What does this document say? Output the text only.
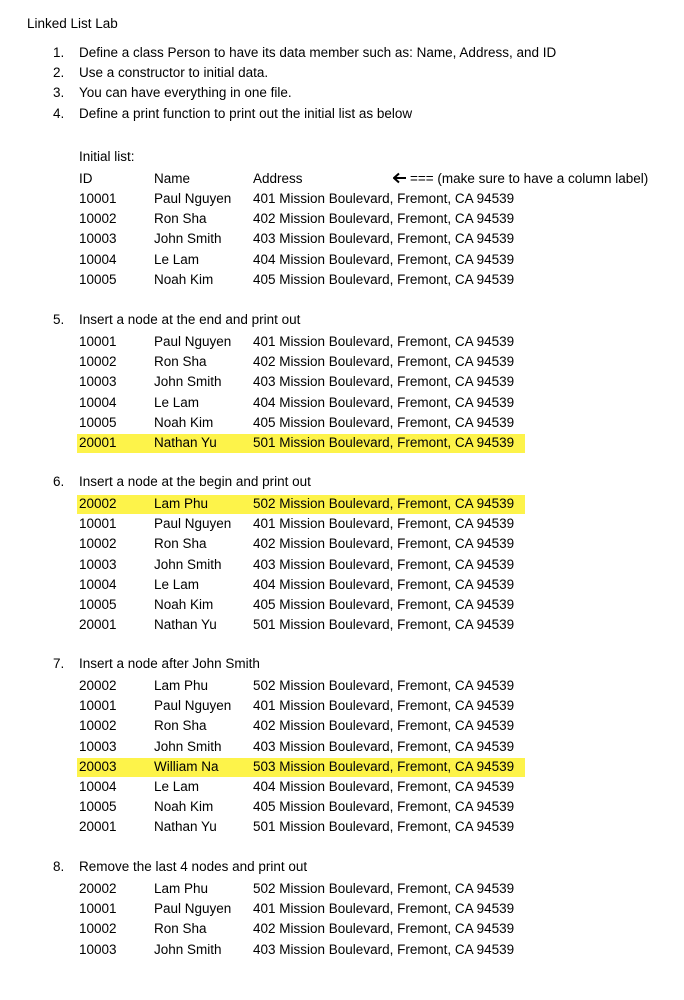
Linked List Lab
1. Define a class Person to have its data member such as: Name, Address, and ID
2. Use a constructor to initial data.
3. You can have everything in one file.
4. Define a print function to print out the initial list as below
Initial list:
ID	Name	Address	=== (make sure to have a column label)
10001	Paul Nguyen 401 Mission Boulevard, Fremont, CA 94539
10002	Ron Sha	402 Mission Boulevard, Fremont, CA 94539
10003	John Smith 403 Mission Boulevard, Fremont, CA 94539
10004	Le Lam	404 Mission Boulevard, Fremont, CA 94539
10005	Noah Kim	405 Mission Boulevard, Fremont, CA 94539
5. Insert a node at the end and print out
10001	Paul Nguyen 401 Mission Boulevard, Fremont, CA 94539
10002	Ron Sha	402 Mission Boulevard, Fremont, CA 94539
10003	John Smith 403 Mission Boulevard, Fremont, CA 94539
10004	Le Lam	404 Mission Boulevard, Fremont, CA 94539
10005	Noah Kim	405 Mission Boulevard, Fremont, CA 94539
20001	Nathan Yu	501 Mission Boulevard, Fremont, CA 94539
6. Insert a node at the begin and print out
20002	Lam Phu	502 Mission Boulevard, Fremont, CA 94539
10001	Paul Nguyen 401 Mission Boulevard, Fremont, CA 94539
10002	Ron Sha	402 Mission Boulevard, Fremont, CA 94539
10003	John Smith 403 Mission Boulevard, Fremont, CA 94539
10004	Le Lam	404 Mission Boulevard, Fremont, CA 94539
10005	Noah Kim	405 Mission Boulevard, Fremont, CA 94539
20001	Nathan Yu	501 Mission Boulevard, Fremont, CA 94539
7. Insert a node after John Smith
20002	Lam Phu	502 Mission Boulevard, Fremont, CA 94539
10001	Paul Nguyen 401 Mission Boulevard, Fremont, CA 94539
10002	Ron Sha	402 Mission Boulevard, Fremont, CA 94539
10003	John Smith 403 Mission Boulevard, Fremont, CA 94539
20003	William Na	503 Mission Boulevard, Fremont, CA 94539
10004	Le Lam	404 Mission Boulevard, Fremont, CA 94539
10005	Noah Kim	405 Mission Boulevard, Fremont, CA 94539
20001	Nathan Yu	501 Mission Boulevard, Fremont, CA 94539
8. Remove the last 4 nodes and print out
20002	Lam Phu	502 Mission Boulevard, Fremont, CA 94539
10001	Paul Nguyen 401 Mission Boulevard, Fremont, CA 94539
10002	Ron Sha	402 Mission Boulevard, Fremont, CA 94539
10003	John Smith 403 Mission Boulevard, Fremont, CA 94539
